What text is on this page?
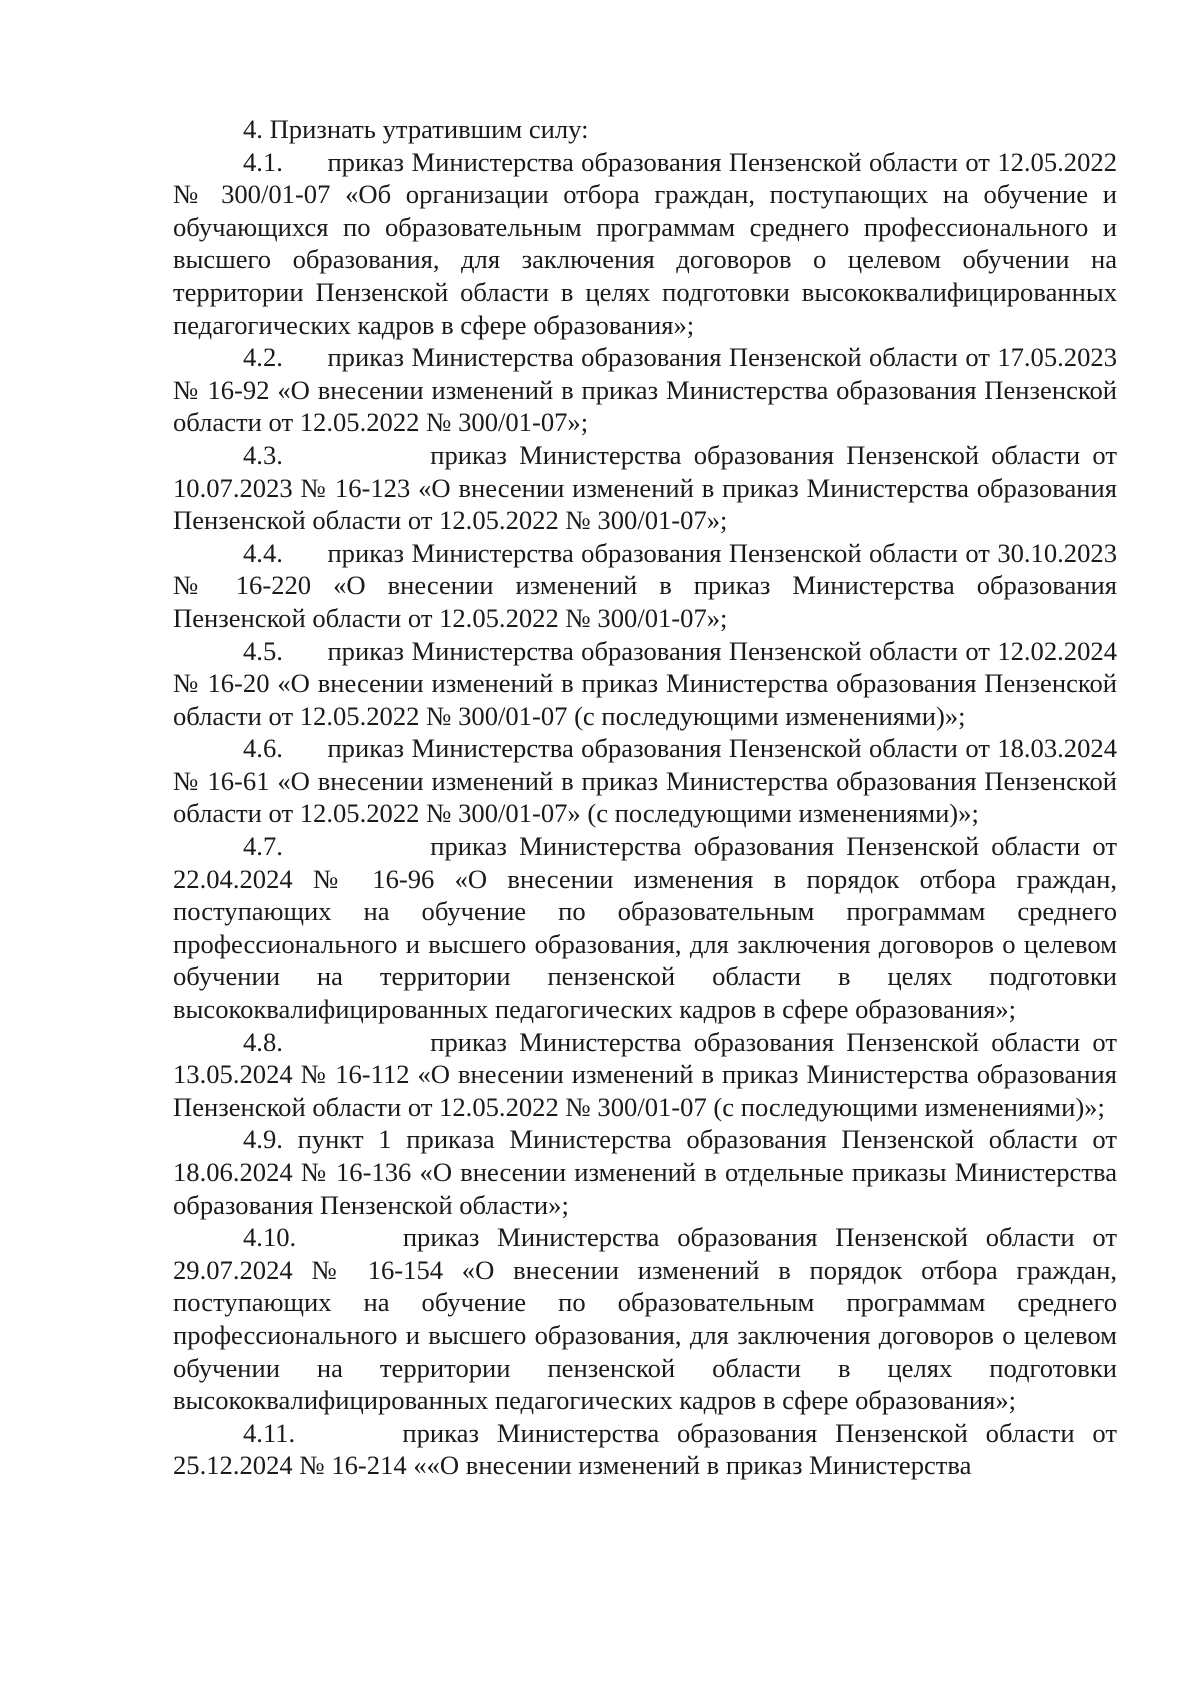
4. Признать утратившим силу:

4.1.      приказ Министерства образования Пензенской области от 12.05.2022 № 300/01-07 «Об организации отбора граждан, поступающих на обучение и обучающихся по образовательным программам среднего профессионального и высшего образования, для заключения договоров о целевом обучении на территории Пензенской области в целях подготовки высококвалифицированных педагогических кадров в сфере образования»;

4.2.      приказ Министерства образования Пензенской области от 17.05.2023 № 16-92 «О внесении изменений в приказ Министерства образования Пензенской области от 12.05.2022 № 300/01-07»;

4.3.            приказ Министерства образования Пензенской области от 10.07.2023 № 16-123 «О внесении изменений в приказ Министерства образования Пензенской области от 12.05.2022 № 300/01-07»;

4.4.      приказ Министерства образования Пензенской области от 30.10.2023 № 16-220 «О внесении изменений в приказ Министерства образования Пензенской области от 12.05.2022 № 300/01-07»;

4.5.      приказ Министерства образования Пензенской области от 12.02.2024 № 16-20 «О внесении изменений в приказ Министерства образования Пензенской области от 12.05.2022 № 300/01-07 (с последующими изменениями)»;

4.6.      приказ Министерства образования Пензенской области от 18.03.2024 № 16-61 «О внесении изменений в приказ Министерства образования Пензенской области от 12.05.2022 № 300/01-07» (с последующими изменениями)»;

4.7.            приказ Министерства образования Пензенской области от 22.04.2024 № 16-96 «О внесении изменения в порядок отбора граждан, поступающих на обучение по образовательным программам среднего профессионального и высшего образования, для заключения договоров о целевом обучении на территории пензенской области в целях подготовки высококвалифицированных педагогических кадров в сфере образования»;

4.8.            приказ Министерства образования Пензенской области от 13.05.2024 № 16-112 «О внесении изменений в приказ Министерства образования Пензенской области от 12.05.2022 № 300/01-07 (с последующими изменениями)»;

4.9. пункт 1 приказа Министерства образования Пензенской области от 18.06.2024 № 16-136 «О внесении изменений в отдельные приказы Министерства образования Пензенской области»;

4.10.      приказ Министерства образования Пензенской области от 29.07.2024 № 16-154 «О внесении изменений в порядок отбора граждан, поступающих на обучение по образовательным программам среднего профессионального и высшего образования, для заключения договоров о целевом обучении на территории пензенской области в целях подготовки высококвалифицированных педагогических кадров в сфере образования»;

4.11.      приказ Министерства образования Пензенской области от 25.12.2024 № 16-214 ««О внесении изменений в приказ Министерства
